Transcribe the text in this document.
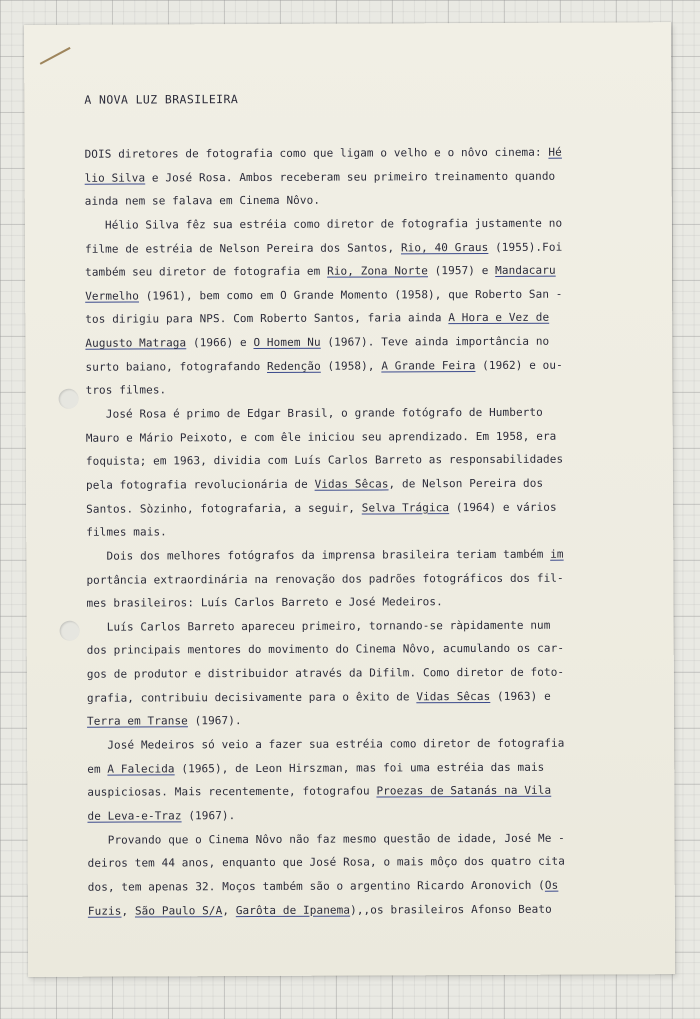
A NOVA LUZ BRASILEIRA
DOIS diretores de fotografia como que ligam o velho e o nôvo cinema: Hé
lio Silva e José Rosa. Ambos receberam seu primeiro treinamento quando
ainda nem se falava em Cinema Nôvo.
Hélio Silva fêz sua estréia como diretor de fotografia justamente no
filme de estréia de Nelson Pereira dos Santos, Rio, 40 Graus (1955).Foi
também seu diretor de fotografia em Rio, Zona Norte (1957) e Mandacaru
Vermelho (1961), bem como em O Grande Momento (1958), que Roberto San -
tos dirigiu para NPS. Com Roberto Santos, faria ainda A Hora e Vez de
Augusto Matraga (1966) e O Homem Nu (1967). Teve ainda importância no
surto baiano, fotografando Redenção (1958), A Grande Feira (1962) e ou-
tros filmes.
José Rosa é primo de Edgar Brasil, o grande fotógrafo de Humberto
Mauro e Mário Peixoto, e com êle iniciou seu aprendizado. Em 1958, era
foquista; em 1963, dividia com Luís Carlos Barreto as responsabilidades
pela fotografia revolucionária de Vidas Sêcas, de Nelson Pereira dos
Santos. Sòzinho, fotografaria, a seguir, Selva Trágica (1964) e vários
filmes mais.
Dois dos melhores fotógrafos da imprensa brasileira teriam também im
portância extraordinária na renovação dos padrões fotográficos dos fil-
mes brasileiros: Luís Carlos Barreto e José Medeiros.
Luís Carlos Barreto apareceu primeiro, tornando-se ràpidamente num
dos principais mentores do movimento do Cinema Nôvo, acumulando os car-
gos de produtor e distribuidor através da Difilm. Como diretor de foto-
grafia, contribuiu decisivamente para o êxito de Vidas Sêcas (1963) e
Terra em Transe (1967).
José Medeiros só veio a fazer sua estréia como diretor de fotografia
em A Falecida (1965), de Leon Hirszman, mas foi uma estréia das mais
auspiciosas. Mais recentemente, fotografou Proezas de Satanás na Vila
de Leva-e-Traz (1967).
Provando que o Cinema Nôvo não faz mesmo questão de idade, José Me -
deiros tem 44 anos, enquanto que José Rosa, o mais môço dos quatro cita
dos, tem apenas 32. Moços também são o argentino Ricardo Aronovich (Os
Fuzis, São Paulo S/A, Garôta de Ipanema),,os brasileiros Afonso Beato
